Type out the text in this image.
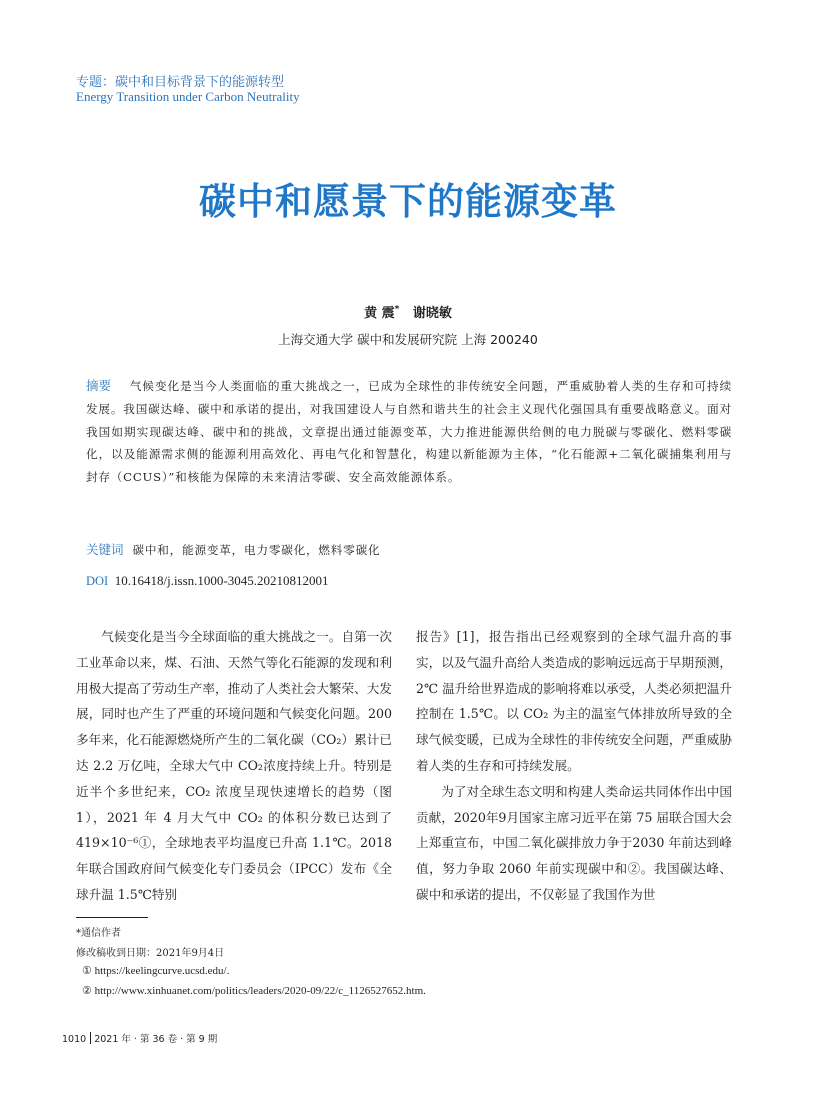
专题：碳中和目标背景下的能源转型
Energy Transition under Carbon Neutrality
碳中和愿景下的能源变革
黄 震* 谢晓敏
上海交通大学 碳中和发展研究院 上海 200240
摘要 气候变化是当今人类面临的重大挑战之一，已成为全球性的非传统安全问题，严重威胁着人类的生存和可持续发展。我国碳达峰、碳中和承诺的提出，对我国建设人与自然和谐共生的社会主义现代化强国具有重要战略意义。面对我国如期实现碳达峰、碳中和的挑战，文章提出通过能源变革，大力推进能源供给侧的电力脱碳与零碳化、燃料零碳化，以及能源需求侧的能源利用高效化、再电气化和智慧化，构建以新能源为主体，“化石能源+二氧化碳捕集利用与封存（CCUS）”和核能为保障的未来清洁零碳、安全高效能源体系。
关键词 碳中和，能源变革，电力零碳化，燃料零碳化
DOI 10.16418/j.issn.1000-3045.20210812001

气候变化是当今全球面临的重大挑战之一。自第一次工业革命以来，煤、石油、天然气等化石能源的发现和利用极大提高了劳动生产率，推动了人类社会大繁荣、大发展，同时也产生了严重的环境问题和气候变化问题。200 多年来，化石能源燃烧所产生的二氧化碳（CO₂）累计已达 2.2 万亿吨，全球大气中 CO₂浓度持续上升。特别是近半个多世纪来，CO₂ 浓度呈现快速增长的趋势（图 1），2021 年 4 月大气中 CO₂ 的体积分数已达到了 419×10⁻⁶①，全球地表平均温度已升高 1.1℃。2018 年联合国政府间气候变化专门委员会（IPCC）发布《全球升温 1.5℃特别

报告》[1]，报告指出已经观察到的全球气温升高的事实，以及气温升高给人类造成的影响远远高于早期预测，2℃ 温升给世界造成的影响将难以承受，人类必须把温升控制在 1.5℃。以 CO₂ 为主的温室气体排放所导致的全球气候变暖，已成为全球性的非传统安全问题，严重威胁着人类的生存和可持续发展。

为了对全球生态文明和构建人类命运共同体作出中国贡献，2020年9月国家主席习近平在第 75 届联合国大会上郑重宣布，中国二氧化碳排放力争于2030 年前达到峰值，努力争取 2060 年前实现碳中和②。我国碳达峰、碳中和承诺的提出，不仅彰显了我国作为世

*通信作者
修改稿收到日期：2021年9月4日
① https://keelingcurve.ucsd.edu/.
② http://www.xinhuanet.com/politics/leaders/2020-09/22/c_1126527652.htm.
1010 2021 年 · 第 36 卷 · 第 9 期
